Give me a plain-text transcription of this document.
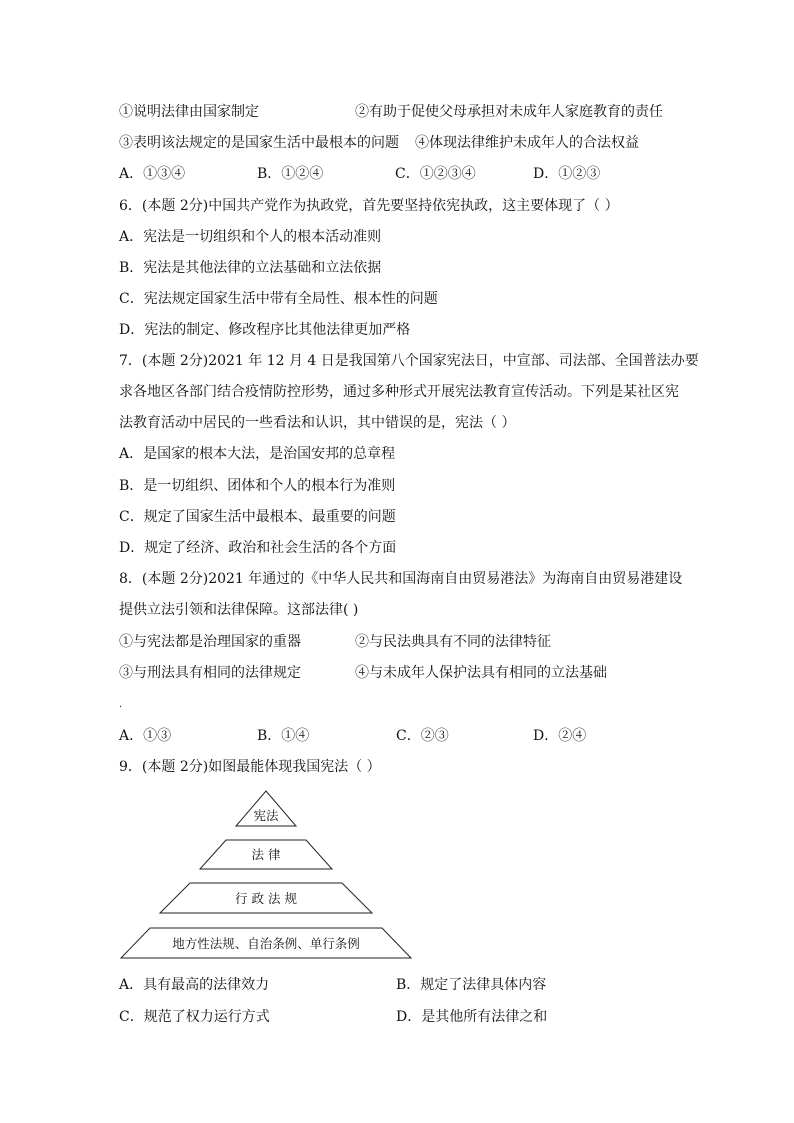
①说明法律由国家制定	②有助于促使父母承担对未成年人家庭教育的责任
③表明该法规定的是国家生活中最根本的问题 ④体现法律维护未成年人的合法权益
A．①③④	B．①②④	C．①②③④	D．①②③
6．(本题 2分)中国共产党作为执政党，首先要坚持依宪执政，这主要体现了（ ）
A．宪法是一切组织和个人的根本活动准则
B．宪法是其他法律的立法基础和立法依据
C．宪法规定国家生活中带有全局性、根本性的问题
D．宪法的制定、修改程序比其他法律更加严格
7．(本题 2分)2021 年 12 月 4 日是我国第八个国家宪法日，中宣部、司法部、全国普法办要
求各地区各部门结合疫情防控形势，通过多种形式开展宪法教育宣传活动。下列是某社区宪
法教育活动中居民的一些看法和认识，其中错误的是，宪法（ ）
A．是国家的根本大法，是治国安邦的总章程
B．是一切组织、团体和个人的根本行为准则
C．规定了国家生活中最根本、最重要的问题
D．规定了经济、政治和社会生活的各个方面
8．(本题 2分)2021 年通过的《中华人民共和国海南自由贸易港法》为海南自由贸易港建设
提供立法引领和法律保障。这部法律( )
①与宪法都是治理国家的重器	②与民法典具有不同的法律特征
③与刑法具有相同的法律规定	④与未成年人保护法具有相同的立法基础
.
A．①③	B．①④	C．②③	D．②④
9．(本题 2分)如图最能体现我国宪法（ ）
宪法
法 律
行 政 法 规
地方性法规、自治条例、单行条例
A．具有最高的法律效力	B．规定了法律具体内容
C．规范了权力运行方式	D．是其他所有法律之和
